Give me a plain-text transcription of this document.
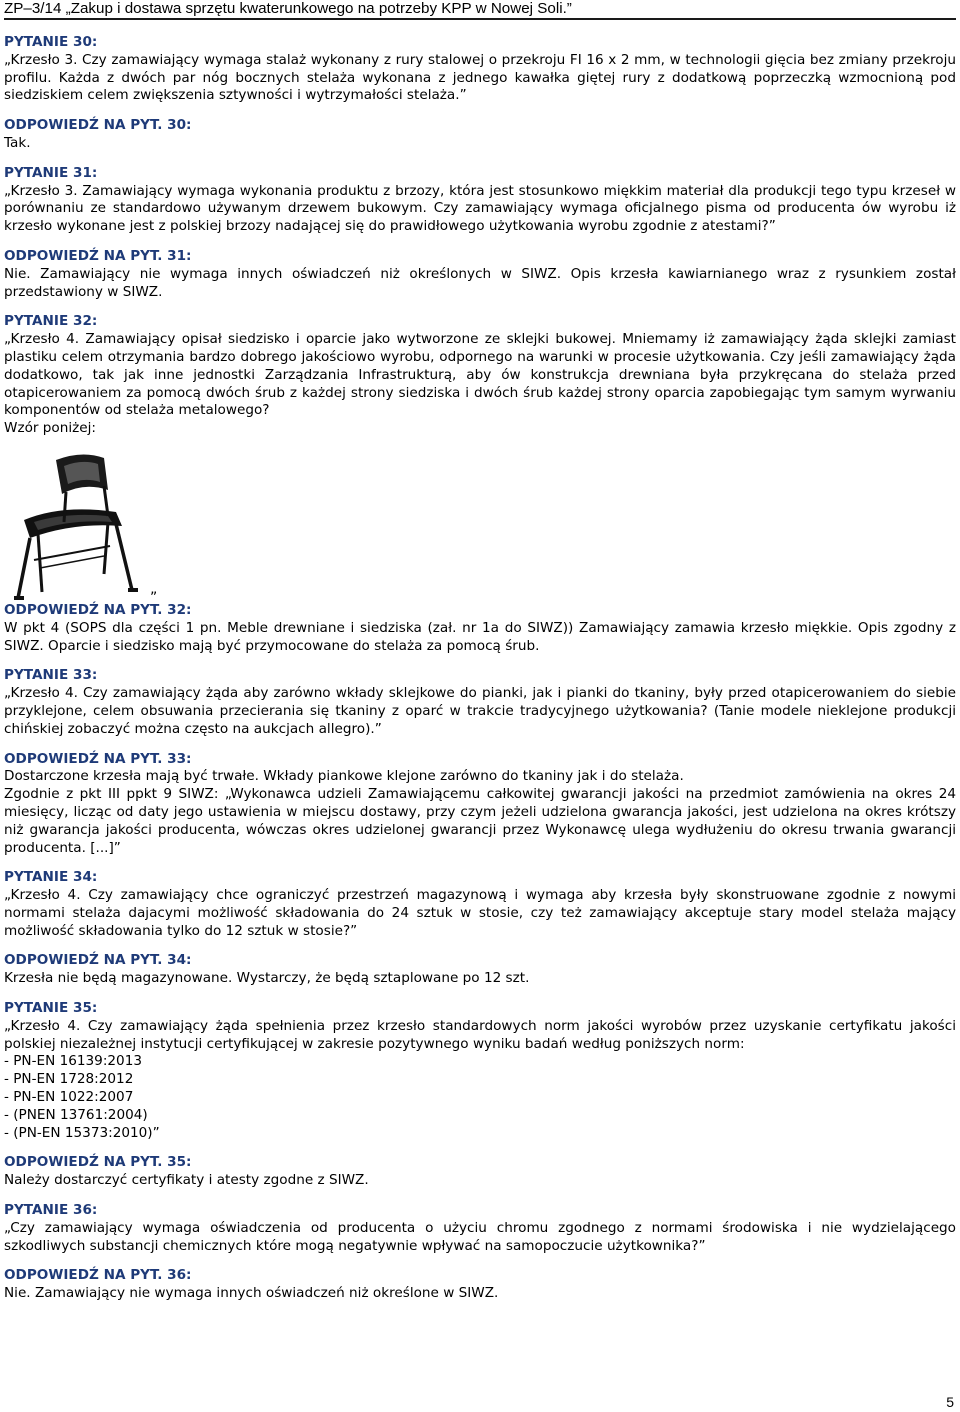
ZP–3/14 „Zakup i dostawa sprzętu kwaterunkowego na potrzeby KPP w Nowej Soli.”
PYTANIE 30:

„Krzesło 3. Czy zamawiający wymaga stalaż wykonany z rury stalowej o przekroju FI 16 x 2 mm, w technologii gięcia bez zmiany przekroju profilu. Każda z dwóch par nóg bocznych stelaża wykonana z jednego kawałka giętej rury z dodatkową poprzeczką wzmocnioną pod siedziskiem celem zwiększenia sztywności i wytrzymałości stelaża.”

ODPOWIEDŹ NA PYT. 30:

Tak.

PYTANIE 31:

„Krzesło 3. Zamawiający wymaga wykonania produktu z brzozy, która jest stosunkowo miękkim materiał dla produkcji tego typu krzeseł w porównaniu ze standardowo używanym drzewem bukowym. Czy zamawiający wymaga oficjalnego pisma od producenta ów wyrobu iż krzesło wykonane jest z polskiej brzozy nadającej się do prawidłowego użytkowania wyrobu zgodnie z atestami?”

ODPOWIEDŹ NA PYT. 31:

Nie. Zamawiający nie wymaga innych oświadczeń niż określonych w SIWZ. Opis krzesła kawiarnianego wraz z rysunkiem został przedstawiony w SIWZ.

PYTANIE 32:

„Krzesło 4. Zamawiający opisał siedzisko i oparcie jako wytworzone ze sklejki bukowej. Mniemamy iż zamawiający żąda sklejki zamiast plastiku celem otrzymania bardzo dobrego jakościowo wyrobu, odpornego na warunki w procesie użytkowania. Czy jeśli zamawiający żąda dodatkowo, tak jak inne jednostki Zarządzania Infrastrukturą, aby ów konstrukcja drewniana była przykręcana do stelaża przed otapicerowaniem za pomocą dwóch śrub z każdej strony siedziska i dwóch śrub każdej strony oparcia zapobiegając tym samym wyrwaniu komponentów od stelaża metalowego?

Wzór poniżej:

”
ODPOWIEDŹ NA PYT. 32:

W pkt 4 (SOPS dla części 1 pn. Meble drewniane i siedziska (zał. nr 1a do SIWZ)) Zamawiający zamawia krzesło miękkie. Opis zgodny z SIWZ. Oparcie i siedzisko mają być przymocowane do stelaża za pomocą śrub.

PYTANIE 33:

„Krzesło 4. Czy zamawiający żąda aby zarówno wkłady sklejkowe do pianki, jak i pianki do tkaniny, były przed otapicerowaniem do siebie przyklejone, celem obsuwania przecierania się tkaniny z oparć w trakcie tradycyjnego użytkowania? (Tanie modele nieklejone produkcji chińskiej zobaczyć można często na aukcjach allegro).”

ODPOWIEDŹ NA PYT. 33:

Dostarczone krzesła mają być trwałe. Wkłady piankowe klejone zarówno do tkaniny jak i do stelaża.

Zgodnie z pkt III ppkt 9 SIWZ: „Wykonawca udzieli Zamawiającemu całkowitej gwarancji jakości na przedmiot zamówienia na okres 24 miesięcy, licząc od daty jego ustawienia w miejscu dostawy, przy czym jeżeli udzielona gwarancja jakości, jest udzielona na okres krótszy niż gwarancja jakości producenta, wówczas okres udzielonej gwarancji przez Wykonawcę ulega wydłużeniu do okresu trwania gwarancji producenta. [...]”

PYTANIE 34:

„Krzesło 4. Czy zamawiający chce ograniczyć przestrzeń magazynową i wymaga aby krzesła były skonstruowane zgodnie z nowymi normami stelaża dajacymi możliwość składowania do 24 sztuk w stosie, czy też zamawiający akceptuje stary model stelaża mający możliwość składowania tylko do 12 sztuk w stosie?”

ODPOWIEDŹ NA PYT. 34:

Krzesła nie będą magazynowane. Wystarczy, że będą sztaplowane po 12 szt.

PYTANIE 35:

„Krzesło 4. Czy zamawiający żąda spełnienia przez krzesło standardowych norm jakości wyrobów przez uzyskanie certyfikatu jakości polskiej niezależnej instytucji certyfikującej w zakresie pozytywnego wyniku badań według poniższych norm:

- PN-EN 16139:2013
- PN-EN 1728:2012
- PN-EN 1022:2007
- (PNEN 13761:2004)
- (PN-EN 15373:2010)”
ODPOWIEDŹ NA PYT. 35:

Należy dostarczyć certyfikaty i atesty zgodne z SIWZ.

PYTANIE 36:

„Czy zamawiający wymaga oświadczenia od producenta o użyciu chromu zgodnego z normami środowiska i nie wydzielającego szkodliwych substancji chemicznych które mogą negatywnie wpływać na samopoczucie użytkownika?”

ODPOWIEDŹ NA PYT. 36:

Nie. Zamawiający nie wymaga innych oświadczeń niż określone w SIWZ.

5
